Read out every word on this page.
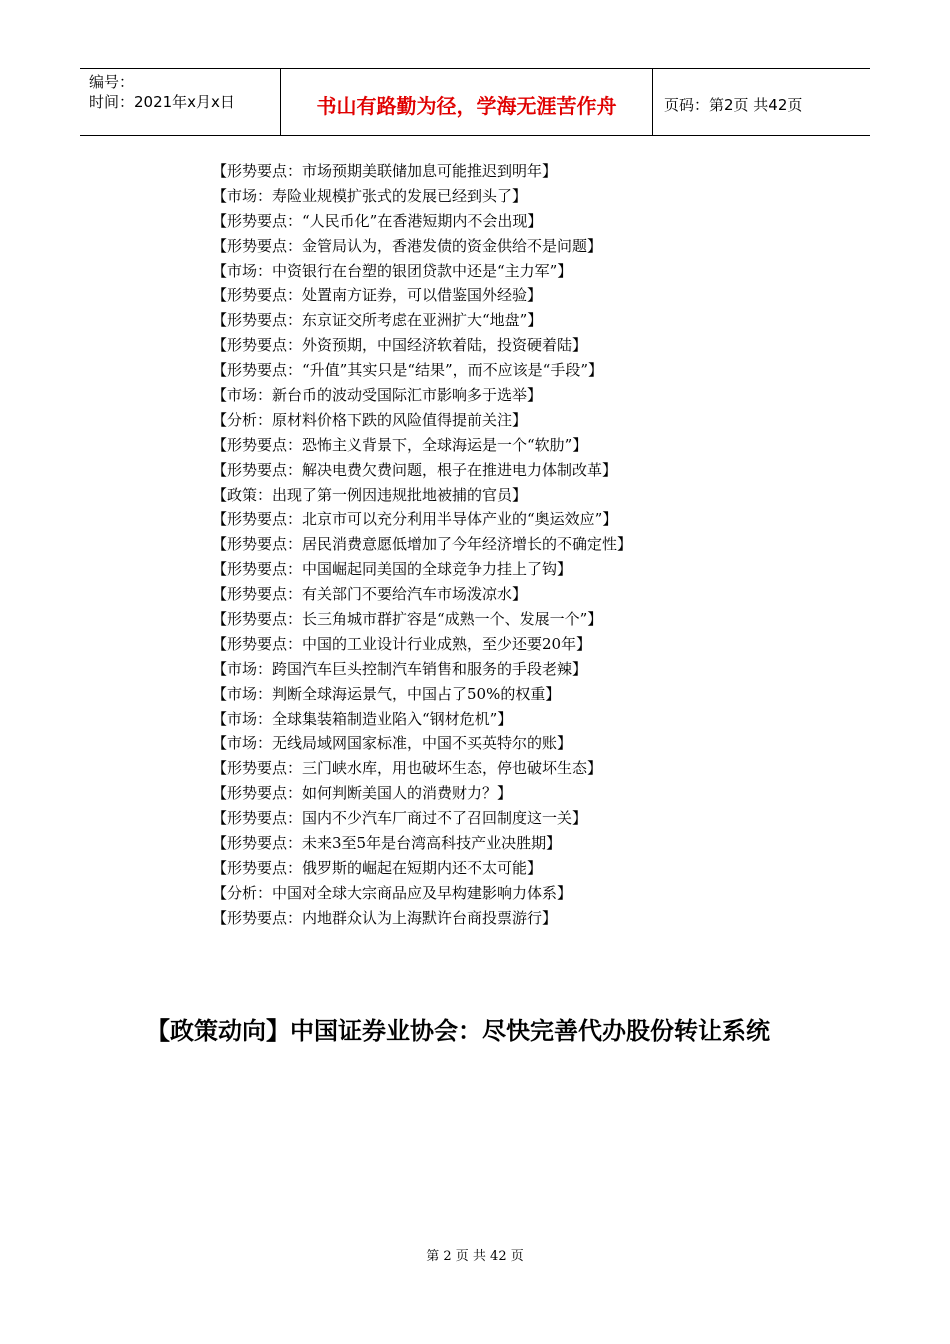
编号：
时间：2021年x月x日	书山有路勤为径，学海无涯苦作舟	页码：第2页 共42页
【形势要点：市场预期美联储加息可能推迟到明年】
【市场：寿险业规模扩张式的发展已经到头了】
【形势要点：“人民币化”在香港短期内不会出现】
【形势要点：金管局认为，香港发债的资金供给不是问题】
【市场：中资银行在台塑的银团贷款中还是“主力军”】
【形势要点：处置南方证券，可以借鉴国外经验】
【形势要点：东京证交所考虑在亚洲扩大“地盘”】
【形势要点：外资预期，中国经济软着陆，投资硬着陆】
【形势要点：“升值”其实只是“结果”，而不应该是“手段”】
【市场：新台币的波动受国际汇市影响多于选举】
【分析：原材料价格下跌的风险值得提前关注】
【形势要点：恐怖主义背景下，全球海运是一个“软肋”】
【形势要点：解决电费欠费问题，根子在推进电力体制改革】
【政策：出现了第一例因违规批地被捕的官员】
【形势要点：北京市可以充分利用半导体产业的“奥运效应”】
【形势要点：居民消费意愿低增加了今年经济增长的不确定性】
【形势要点：中国崛起同美国的全球竞争力挂上了钩】
【形势要点：有关部门不要给汽车市场泼凉水】
【形势要点：长三角城市群扩容是“成熟一个、发展一个”】
【形势要点：中国的工业设计行业成熟，至少还要20年】
【市场：跨国汽车巨头控制汽车销售和服务的手段老辣】
【市场：判断全球海运景气，中国占了50%的权重】
【市场：全球集装箱制造业陷入“钢材危机”】
【市场：无线局域网国家标准，中国不买英特尔的账】
【形势要点：三门峡水库，用也破坏生态，停也破坏生态】
【形势要点：如何判断美国人的消费财力？】
【形势要点：国内不少汽车厂商过不了召回制度这一关】
【形势要点：未来3至5年是台湾高科技产业决胜期】
【形势要点：俄罗斯的崛起在短期内还不太可能】
【分析：中国对全球大宗商品应及早构建影响力体系】
【形势要点：内地群众认为上海默许台商投票游行】
【政策动向】中国证券业协会：尽快完善代办股份转让系统
第 2 页 共 42 页
